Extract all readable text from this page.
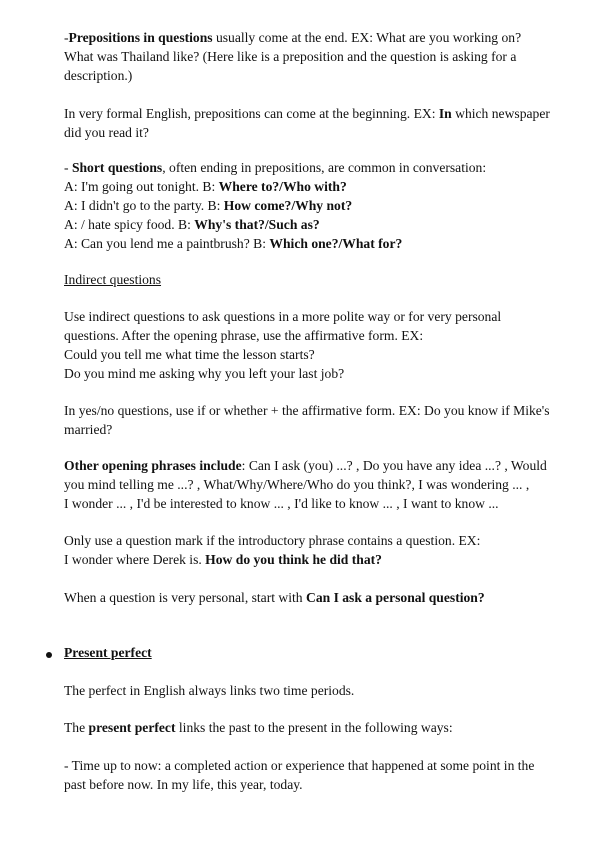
-Prepositions in questions usually come at the end. EX: What are you working on?
What was Thailand like? (Here like is a preposition and the question is asking for a
description.)
In very formal English, prepositions can come at the beginning. EX: In which newspaper
did you read it?
- Short questions, often ending in prepositions, are common in conversation:
A: I'm going out tonight. B: Where to?/Who with?
A: I didn't go to the party. B: How come?/Why not?
A: / hate spicy food. B: Why's that?/Such as?
A: Can you lend me a paintbrush? B: Which one?/What for?
Indirect questions
Use indirect questions to ask questions in a more polite way or for very personal
questions. After the opening phrase, use the affirmative form. EX:
Could you tell me what time the lesson starts?
Do you mind me asking why you left your last job?
In yes/no questions, use if or whether + the affirmative form. EX: Do you know if Mike's
married?
Other opening phrases include: Can I ask (you) ...? , Do you have any idea ...? , Would
you mind telling me ...? , What/Why/Where/Who do you think?, I was wondering ... ,
I wonder ... , I'd be interested to know ... , I'd like to know ... , I want to know ...
Only use a question mark if the introductory phrase contains a question. EX:
I wonder where Derek is. How do you think he did that?
When a question is very personal, start with Can I ask a personal question?
Present perfect
The perfect in English always links two time periods.
The present perfect links the past to the present in the following ways:
- Time up to now: a completed action or experience that happened at some point in the
past before now. In my life, this year, today.
